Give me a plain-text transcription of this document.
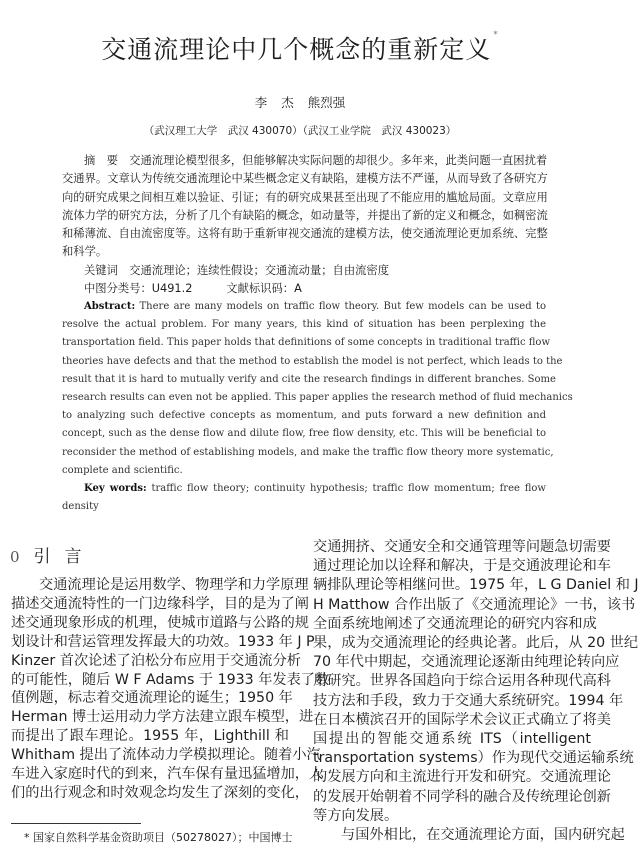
交通流理论中几个概念的重新定义 *
李 杰 熊烈强
（武汉理工大学　武汉 430070）（武汉工业学院　武汉 430023）
摘　要　交通流理论模型很多，但能够解决实际问题的却很少。多年来，此类问题一直困扰着
交通界。文章认为传统交通流理论中某些概念定义有缺陷，建模方法不严谨，从而导致了各研究方
向的研究成果之间相互难以验证、引证；有的研究成果甚至出现了不能应用的尴尬局面。文章应用
流体力学的研究方法，分析了几个有缺陷的概念，如动量等，并提出了新的定义和概念，如稠密流
和稀薄流、自由流密度等。这将有助于重新审视交通流的建模方法，使交通流理论更加系统、完整
和科学。
关键词　交通流理论；连续性假设；交通流动量；自由流密度
中图分类号：U491.2　　　文献标识码：A
Abstract: There are many models on traffic flow theory. But few models can be used to
resolve the actual problem. For many years, this kind of situation has been perplexing the
transportation field. This paper holds that definitions of some concepts in traditional traffic flow
theories have defects and that the method to establish the model is not perfect, which leads to the
result that it is hard to mutually verify and cite the research findings in different branches. Some
research results can even not be applied. This paper applies the research method of fluid mechanics
to analyzing such defective concepts as momentum, and puts forward a new definition and
concept, such as the dense flow and dilute flow, free flow density, etc. This will be beneficial to
reconsider the method of establishing models, and make the traffic flow theory more systematic,
complete and scientific.
Key words: traffic flow theory; continuity hypothesis; traffic flow momentum; free flow
density
0 引言
交通流理论是运用数学、物理学和力学原理
描述交通流特性的一门边缘科学，目的是为了阐
述交通现象形成的机理，使城市道路与公路的规
划设计和营运管理发挥最大的功效。1933 年 J P
Kinzer 首次论述了泊松分布应用于交通流分析
的可能性，随后 W F Adams 于 1933 年发表了数
值例题，标志着交通流理论的诞生；1950 年
Herman 博士运用动力学方法建立跟车模型，进
而提出了跟车理论。1955 年，Lighthill 和
Whitham 提出了流体动力学模拟理论。随着小汽
车进入家庭时代的到来，汽车保有量迅猛增加，人
们的出行观念和时效观念均发生了深刻的变化，
交通拥挤、交通安全和交通管理等问题急切需要
通过理论加以诠释和解决，于是交通波理论和车
辆排队理论等相继问世。1975 年，L G Daniel 和 J
H Matthow 合作出版了《交通流理论》一书，该书
全面系统地阐述了交通流理论的研究内容和成
果，成为交通流理论的经典论著。此后，从 20 世纪
70 年代中期起，交通流理论逐渐由纯理论转向应
用研究。世界各国趋向于综合运用各种现代高科
技方法和手段，致力于交通大系统研究。1994 年
在日本横滨召开的国际学术会议正式确立了将美
国提出的智能交通系统 ITS（intelligent
transportation systems）作为现代交通运输系统
的发展方向和主流进行开发和研究。交通流理论
的发展开始朝着不同学科的融合及传统理论创新
等方向发展。
与国外相比，在交通流理论方面，国内研究起
* 国家自然科学基金资助项目（50278027）；中国博士
